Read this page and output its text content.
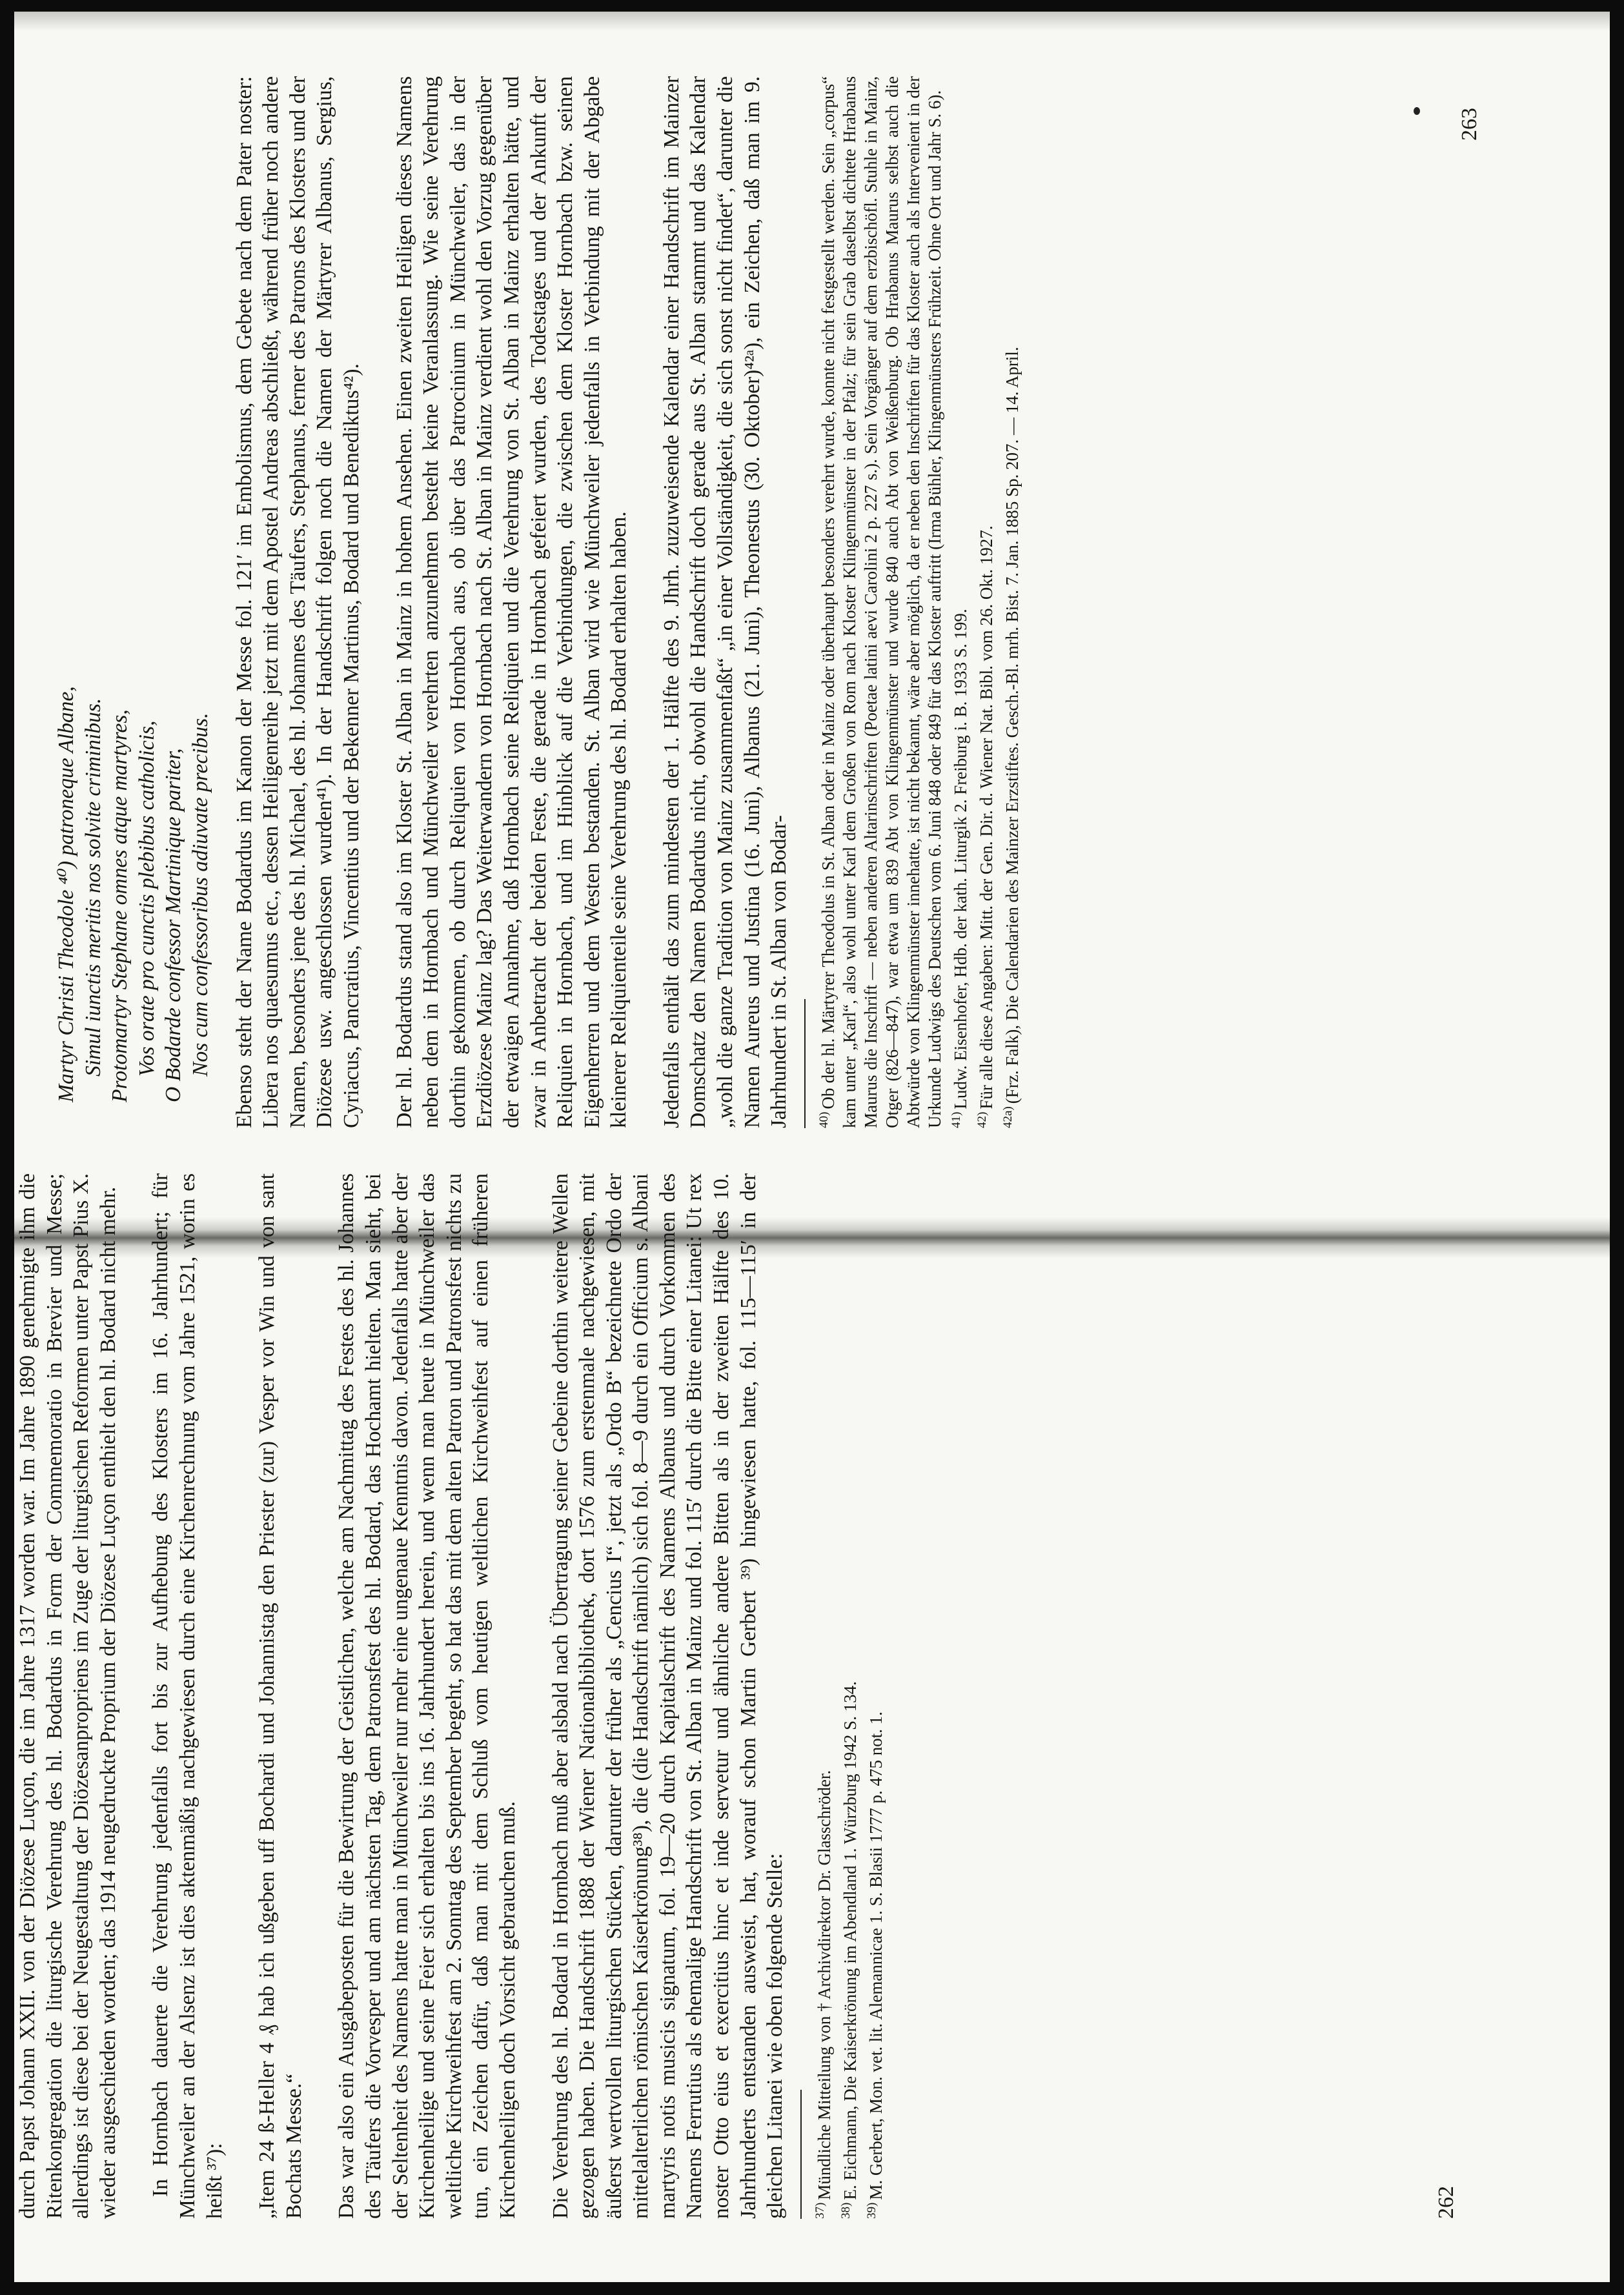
Martyr Christi Theodole ⁴⁰) patroneque Albane, Simul iunctis meritis nos solvite criminibus. Protomartyr Stephane omnes atque martyres, Vos orate pro cunctis plebibus catholicis, O Bodarde confessor Martinique pariter, Nos cum confessoribus adiuvate precibus. Ebenso steht der Name Bodardus im Kanon der Messe fol. 121′ im Embolismus, dem Gebete nach dem Pater noster: Libera nos quaesumus etc., dessen Heiligenreihe jetzt mit dem Apostel Andreas abschließt, während früher noch andere Namen, besonders jene des hl. Michael, des hl. Johannes des Täufers, Stephanus, ferner des Patrons des Klosters und der Diözese usw. angeschlossen wurden⁴¹). In der Handschrift folgen noch die Namen der Märtyrer Albanus, Sergius, Cyriacus, Pancratius, Vincentius und der Bekenner Martinus, Bodard und Benediktus⁴²). Der hl. Bodardus stand also im Kloster St. Alban in Mainz in hohem Ansehen. Einen zweiten Heiligen dieses Namens neben dem in Hornbach und Münchweiler verehrten anzunehmen besteht keine Veranlassung. Wie seine Verehrung dorthin gekommen, ob durch Reliquien von Hornbach aus, ob über das Patrocinium in Münchweiler, das in der Erzdiözese Mainz lag? Das Weiterwandern von Hornbach nach St. Alban in Mainz verdient wohl den Vorzug gegenüber der etwaigen Annahme, daß Hornbach seine Reliquien und die Verehrung von St. Alban in Mainz erhalten hätte, und zwar in Anbetracht der beiden Feste, die gerade in Hornbach gefeiert wurden, des Todestages und der Ankunft der Reliquien in Hornbach, und im Hinblick auf die Verbindungen, die zwischen dem Kloster Hornbach bzw. seinen Eigenherren und dem Westen bestanden. St. Alban wird wie Münchweiler jedenfalls in Verbindung mit der Abgabe kleinerer Reliquienteile seine Verehrung des hl. Bodard erhalten haben. Jedenfalls enthält das zum mindesten der 1. Hälfte des 9. Jhrh. zuzuweisende Kalendar einer Handschrift im Mainzer Domschatz den Namen Bodardus nicht, obwohl die Handschrift doch gerade aus St. Alban stammt und das Kalendar „wohl die ganze Tradition von Mainz zusammenfaßt“ „in einer Vollständigkeit, die sich sonst nicht findet“, darunter die Namen Aureus und Justina (16. Juni), Albanus (21. Juni), Theonestus (30. Oktober)⁴²ᵃ), ein Zeichen, daß man im 9. Jahrhundert in St. Alban von Bodar-	$^{40)}$Ob der hl. Märtyrer Theodolus in St. Alban oder in Mainz oder überhaupt besonders verehrt wurde, konnte nicht festgestellt werden. Sein „corpus“ kam unter „Karl“, also wohl unter Karl dem Großen von Rom nach Kloster Klingenmünster in der Pfalz; für sein Grab daselbst dichtete Hrabanus Maurus die Inschrift — neben anderen Altarinschriften (Poetae latini aevi Carolini 2 p. 227 s.). Sein Vorgänger auf dem erzbischöfl. Stuhle in Mainz, Otger (826—847), war etwa um 839 Abt von Klingenmünster und wurde 840 auch Abt von Weißenburg. Ob Hrabanus Maurus selbst auch die Abtwürde von Klingenmünster innehatte, ist nicht bekannt, wäre aber möglich, da er neben den Inschriften für das Kloster auch als Intervenient in der Urkunde Ludwigs des Deutschen vom 6. Juni 848 oder 849 für das Kloster auftritt (Irma Bühler, Klingenmünsters Frühzeit. Ohne Ort und Jahr S. 6). $^{41)}$Ludw. Eisenhofer, Hdb. der kath. Liturgik 2. Freiburg i. B. 1933 S. 199.

$^{42)}$Für alle diese Angaben: Mitt. der Gen. Dir. d. Wiener Nat. Bibl. vom 26. Okt. 1927.

$^{42a)}$(Frz. Falk), Die Calendarien des Mainzer Erzstiftes. Gesch.-Bl. mrh. Bist. 7. Jan. 1885 Sp. 207. — 14. April.

263

durch Papst Johann XXII. von der Diözese Luçon, die im Jahre 1317 worden war. Im Jahre 1890 genehmigte ihm die Ritenkongregation die liturgische Verehrung des hl. Bodardus in Form der Commemoratio in Brevier und Messe; allerdings ist diese bei der Neugestaltung der Diözesanpropriens im Zuge der liturgischen Reformen unter Papst Pius X. wieder ausgeschieden worden; das 1914 neugedruckte Proprium der Diözese Luçon enthielt den hl. Bodard nicht mehr. In Hornbach dauerte die Verehrung jedenfalls fort bis zur Aufhebung des Klosters im 16. Jahrhundert; für Münchweiler an der Alsenz ist dies aktenmäßig nachgewiesen durch eine Kirchenrechnung vom Jahre 1521, worin es heißt ³⁷): „Item 24 ß-Heller 4 ₰ hab ich ußgeben uff Bochardi und Johannistag den Priester (zur) Vesper vor Win und von sant Bochats Messe.“ Das war also ein Ausgabeposten für die Bewirtung der Geistlichen, welche am Nachmittag des Festes des hl. Johannes des Täufers die Vorvesper und am nächsten Tag, dem Patronsfest des hl. Bodard, das Hochamt hielten. Man sieht, bei der Seltenheit des Namens hatte man in Münchweiler nur mehr eine ungenaue Kenntnis davon. Jedenfalls hatte aber der Kirchenheilige und seine Feier sich erhalten bis ins 16. Jahrhundert herein, und wenn man heute in Münchweiler das weltliche Kirchweihfest am 2. Sonntag des September begeht, so hat das mit dem alten Patron und Patronsfest nichts zu tun, ein Zeichen dafür, daß man mit dem Schluß vom heutigen weltlichen Kirchweihfest auf einen früheren Kirchenheiligen doch Vorsicht gebrauchen muß. Die Verehrung des hl. Bodard in Hornbach muß aber alsbald nach Übertragung seiner Gebeine dorthin weitere Wellen gezogen haben. Die Handschrift 1888 der Wiener Nationalbibliothek, dort 1576 zum erstenmale nachgewiesen, mit äußerst wertvollen liturgischen Stücken, darunter der früher als „Cencius I“, jetzt als „Ordo B“ bezeichnete Ordo der mittelalterlichen römischen Kaiserkrönung³⁸), die (die Handschrift nämlich) sich fol. 8—9 durch ein Officium s. Albani martyris notis musicis signatum, fol. 19—20 durch Kapitalschrift des Namens Albanus und durch Vorkommen des Namens Ferrutius als ehemalige Handschrift von St. Alban in Mainz und fol. 115′ durch die Bitte einer Litanei: Ut rex noster Otto eius et exercitius hinc et inde servetur und ähnliche andere Bitten als in der zweiten Hälfte des 10. Jahrhunderts entstanden ausweist, hat, worauf schon Martin Gerbert ³⁹) hingewiesen hatte, fol. 115—115′ in der gleichen Litanei wie oben folgende Stelle:	$^{37)}$Mündliche Mitteilung von † Archivdirektor Dr. Glasschröder.

$^{38)}$E. Eichmann, Die Kaiserkrönung im Abendland 1. Würzburg 1942 S. 134.

$^{39)}$M. Gerbert, Mon. vet. lit. Alemannicae 1. S. Blasii 1777 p. 475 not. 1.

262
